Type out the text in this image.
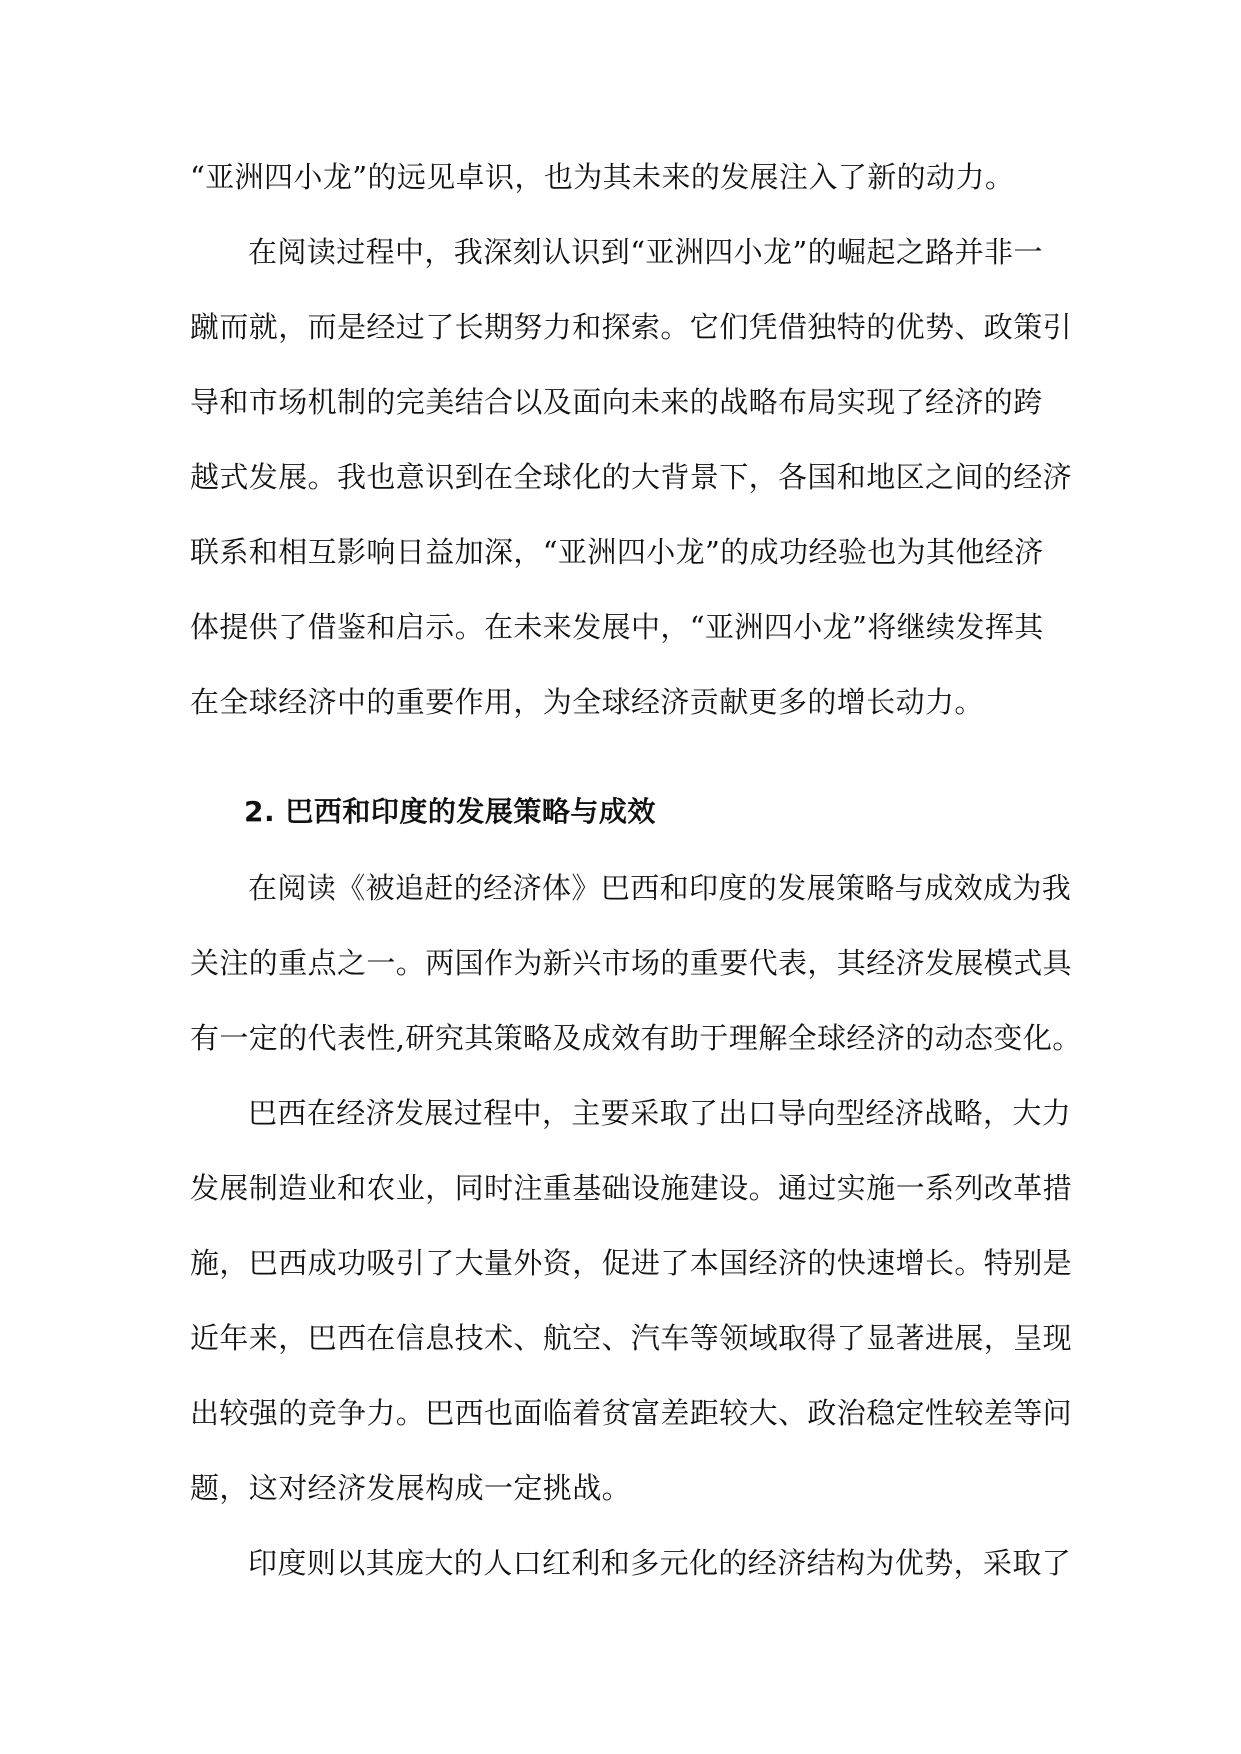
“亚洲四小龙”的远见卓识，也为其未来的发展注入了新的动力。
在阅读过程中，我深刻认识到“亚洲四小龙”的崛起之路并非一
蹴而就，而是经过了长期努力和探索。它们凭借独特的优势、政策引
导和市场机制的完美结合以及面向未来的战略布局实现了经济的跨
越式发展。我也意识到在全球化的大背景下，各国和地区之间的经济
联系和相互影响日益加深，“亚洲四小龙”的成功经验也为其他经济
体提供了借鉴和启示。在未来发展中，“亚洲四小龙”将继续发挥其
在全球经济中的重要作用，为全球经济贡献更多的增长动力。
2. 巴西和印度的发展策略与成效
在阅读《被追赶的经济体》巴西和印度的发展策略与成效成为我
关注的重点之一。两国作为新兴市场的重要代表，其经济发展模式具
有一定的代表性,研究其策略及成效有助于理解全球经济的动态变化。
巴西在经济发展过程中，主要采取了出口导向型经济战略，大力
发展制造业和农业，同时注重基础设施建设。通过实施一系列改革措
施，巴西成功吸引了大量外资，促进了本国经济的快速增长。特别是
近年来，巴西在信息技术、航空、汽车等领域取得了显著进展，呈现
出较强的竞争力。巴西也面临着贫富差距较大、政治稳定性较差等问
题，这对经济发展构成一定挑战。
印度则以其庞大的人口红利和多元化的经济结构为优势，采取了
